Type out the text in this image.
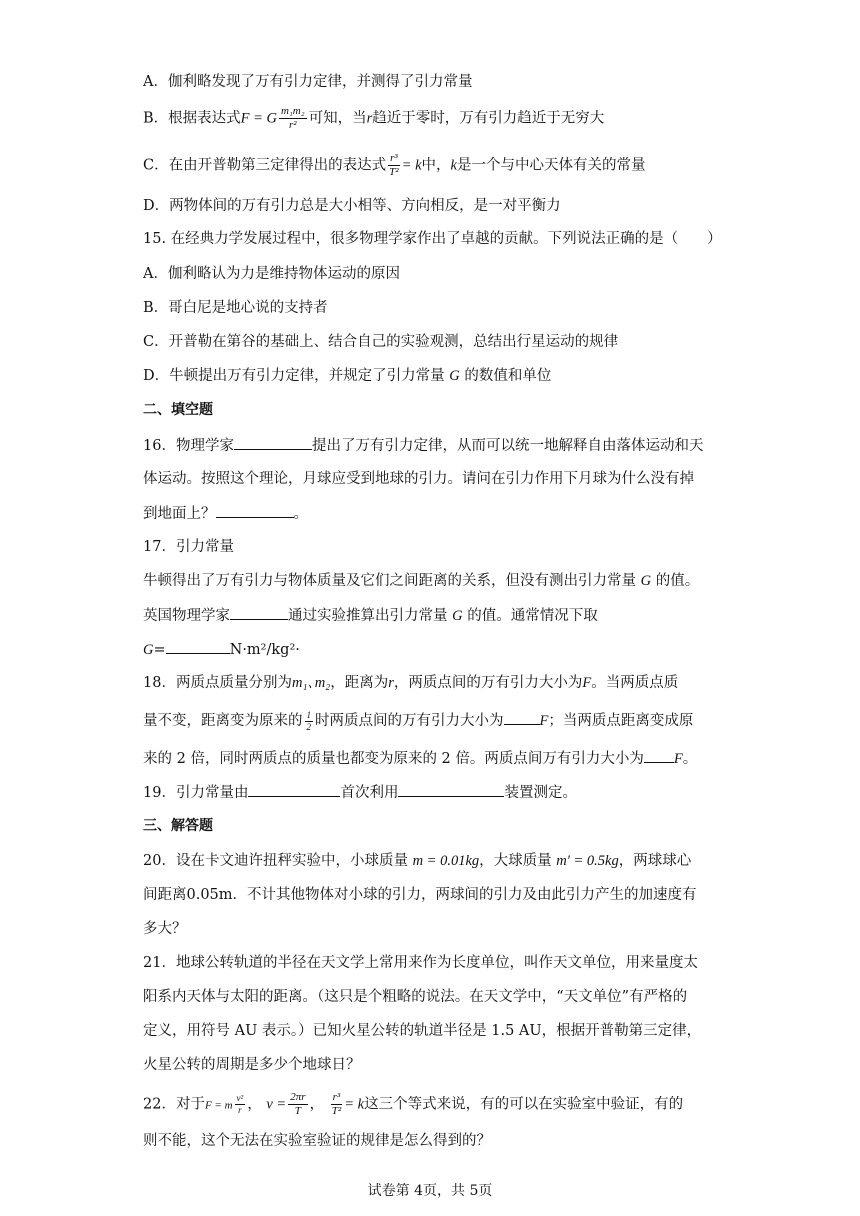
A．伽利略发现了万有引力定律，并测得了引力常量
B．根据表达式F = G $\frac{\text{m₁m₂}}{\text{r²}}$ 可知，当r趋近于零时，万有引力趋近于无穷大
C．在由开普勒第三定律得出的表达式 $\frac{\text{r³}}{\text{T²}} = k$中，k是一个与中心天体有关的常量
D．两物体间的万有引力总是大小相等、方向相反，是一对平衡力
15. 在经典力学发展过程中，很多物理学家作出了卓越的贡献。下列说法正确的是（　　）
A．伽利略认为力是维持物体运动的原因
B．哥白尼是地心说的支持者
C．开普勒在第谷的基础上、结合自己的实验观测，总结出行星运动的规律
D．牛顿提出万有引力定律，并规定了引力常量 G 的数值和单位
二、填空题
16．物理学家	提出了万有引力定律，从而可以统一地解释自由落体运动和天
体运动。按照这个理论，月球应受到地球的引力。请问在引力作用下月球为什么没有掉
到地面上？	。
17．引力常量
牛顿得出了万有引力与物体质量及它们之间距离的关系，但没有测出引力常量 G 的值。
英国物理学家	通过实验推算出引力常量 G 的值。通常情况下取
G=	N·m²/kg²·
18．两质点质量分别为m₁､m₂，距离为r，两质点间的万有引力大小为F。当两质点质
量不变，距离变为原来的 $\frac{1}{2}$ 时两质点间的万有引力大小为 F；当两质点距离变成原
来的 2 倍，同时两质点的质量也都变为原来的 2 倍。两质点间万有引力大小为 F。
19．引力常量由	首次利用	装置测定。
三、解答题
20．设在卡文迪许扭秤实验中，小球质量 m = 0.01kg，大球质量 m′ = 0.5kg，两球球心
间距离0.05m．不计其他物体对小球的引力，两球间的引力及由此引力产生的加速度有
多大？
21．地球公转轨道的半径在天文学上常用来作为长度单位，叫作天文单位，用来量度太
阳系内天体与太阳的距离。（这只是个粗略的说法。在天文学中，“天文单位”有严格的
定义，用符号 AU 表示。）已知火星公转的轨道半径是 1.5 AU，根据开普勒第三定律，
火星公转的周期是多少个地球日？
22．对于F = m $\frac{\text{v²}}{r}$ ， $v = \frac{2\pi r}{T}$ ， $\frac{\text{r³}}{\text{T²}} = k$这三个等式来说，有的可以在实验室中验证，有的
则不能，这个无法在实验室验证的规律是怎么得到的？
试卷第 4页，共 5页
